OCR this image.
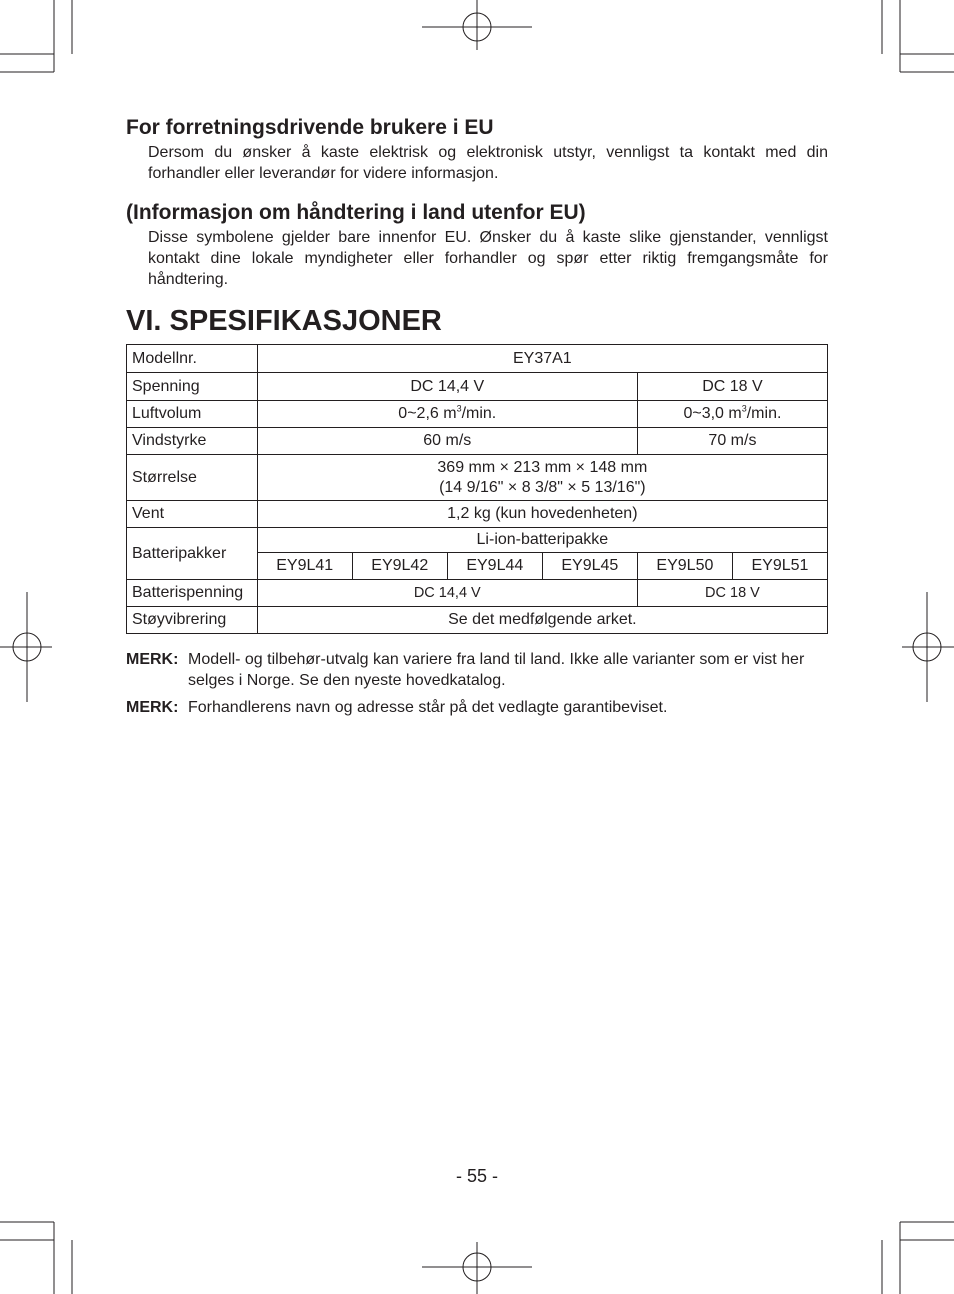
For forretningsdrivende brukere i EU

Dersom du ønsker å kaste elektrisk og elektronisk utstyr, vennligst ta kontakt med din forhandler eller leverandør for videre informasjon.

(Informasjon om håndtering i land utenfor EU)

Disse symbolene gjelder bare innenfor EU. Ønsker du å kaste slike gjenstander, vennligst kontakt dine lokale myndigheter eller forhandler og spør etter riktig fremgangsmåte for håndtering.

VI. SPESIFIKASJONER
Modellnr.	EY37A1					
Spenning	DC 14,4 V				DC 18 V	
Luftvolum	0~2,6 $m^3/\min$.				0~3,0 $m^3/\min$.	
Vindstyrke	60 m/s				70 m/s	
Størrelse	369 mm × 213 mm × 148 mm
(14 9/16" × 8 3/8" × 5 13/16")					

Vent	1,2 kg (kun hovedenheten)					
Batteripakker	Li-ion-batteripakke					
	EY9L41	EY9L42	EY9L44	EY9L45	EY9L50	EY9L51
Batterispenning	DC 14,4 V				DC 18 V	
Støyvibrering	Se det medfølgende arket.					
MERK: Modell- og tilbehør-utvalg kan variere fra land til land. Ikke alle varianter som er vist her selges i Norge. Se den nyeste hovedkatalog.
MERK: Forhandlerens navn og adresse står på det vedlagte garantibeviset.
- 55 -
